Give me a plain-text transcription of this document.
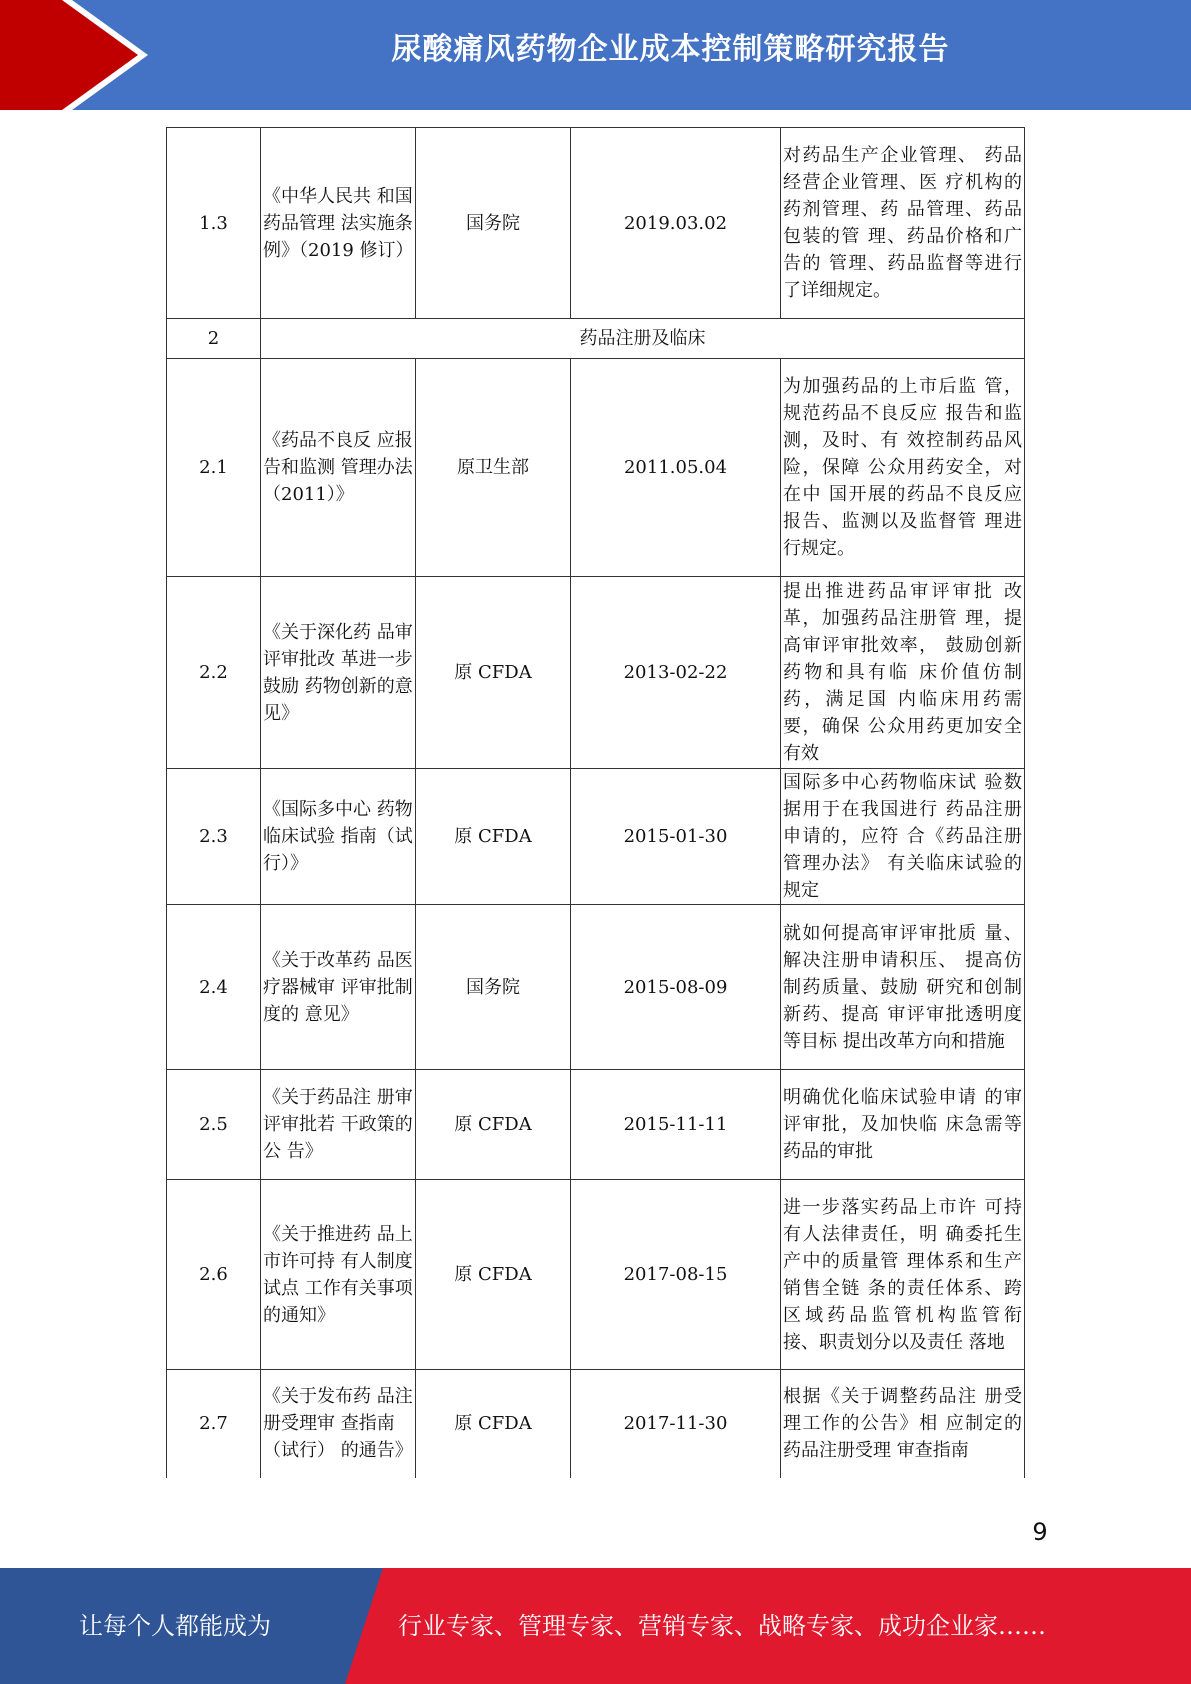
尿酸痛风药物企业成本控制策略研究报告
1.3	《中华人民共 和国药品管理 法实施条例》（2019 修订）	国务院	2019.03.02	对药品生产企业管理、 药品经营企业管理、医 疗机构的药剂管理、药 品管理、药品包装的管 理、药品价格和广告的 管理、药品监督等进行 了详细规定。
2	药品注册及临床			
2.1	《药品不良反 应报告和监测 管理办法（2011）》	原卫生部	2011.05.04	为加强药品的上市后监 管，规范药品不良反应 报告和监测，及时、有 效控制药品风险，保障 公众用药安全，对在中 国开展的药品不良反应 报告、监测以及监督管 理进行规定。
2.2	《关于深化药 品审评审批改 革进一步鼓励 药物创新的意 见》	原 CFDA	2013-02-22	提出推进药品审评审批 改革，加强药品注册管 理，提高审评审批效率， 鼓励创新药物和具有临 床价值仿制药，满足国 内临床用药需要，确保 公众用药更加安全有效
2.3	《国际多中心 药物临床试验 指南（试行）》	原 CFDA	2015-01-30	国际多中心药物临床试 验数据用于在我国进行 药品注册申请的，应符 合《药品注册管理办法》 有关临床试验的规定
2.4	《关于改革药 品医疗器械审 评审批制度的 意见》	国务院	2015-08-09	就如何提高审评审批质 量、解决注册申请积压、 提高仿制药质量、鼓励 研究和创制新药、提高 审评审批透明度等目标 提出改革方向和措施
2.5	《关于药品注 册审评审批若 干政策的公 告》	原 CFDA	2015-11-11	明确优化临床试验申请 的审评审批，及加快临 床急需等药品的审批
2.6	《关于推进药 品上市许可持 有人制度试点 工作有关事项 的通知》	原 CFDA	2017-08-15	进一步落实药品上市许 可持有人法律责任，明 确委托生产中的质量管 理体系和生产销售全链 条的责任体系、跨区域药品监管机构监管衔 接、职责划分以及责任 落地
2.7	《关于发布药 品注册受理审 查指南（试行） 的通告》	原 CFDA	2017-11-30	根据《关于调整药品注 册受理工作的公告》相 应制定的药品注册受理 审查指南
9
让每个人都能成为	行业专家、管理专家、营销专家、战略专家、成功企业家……
